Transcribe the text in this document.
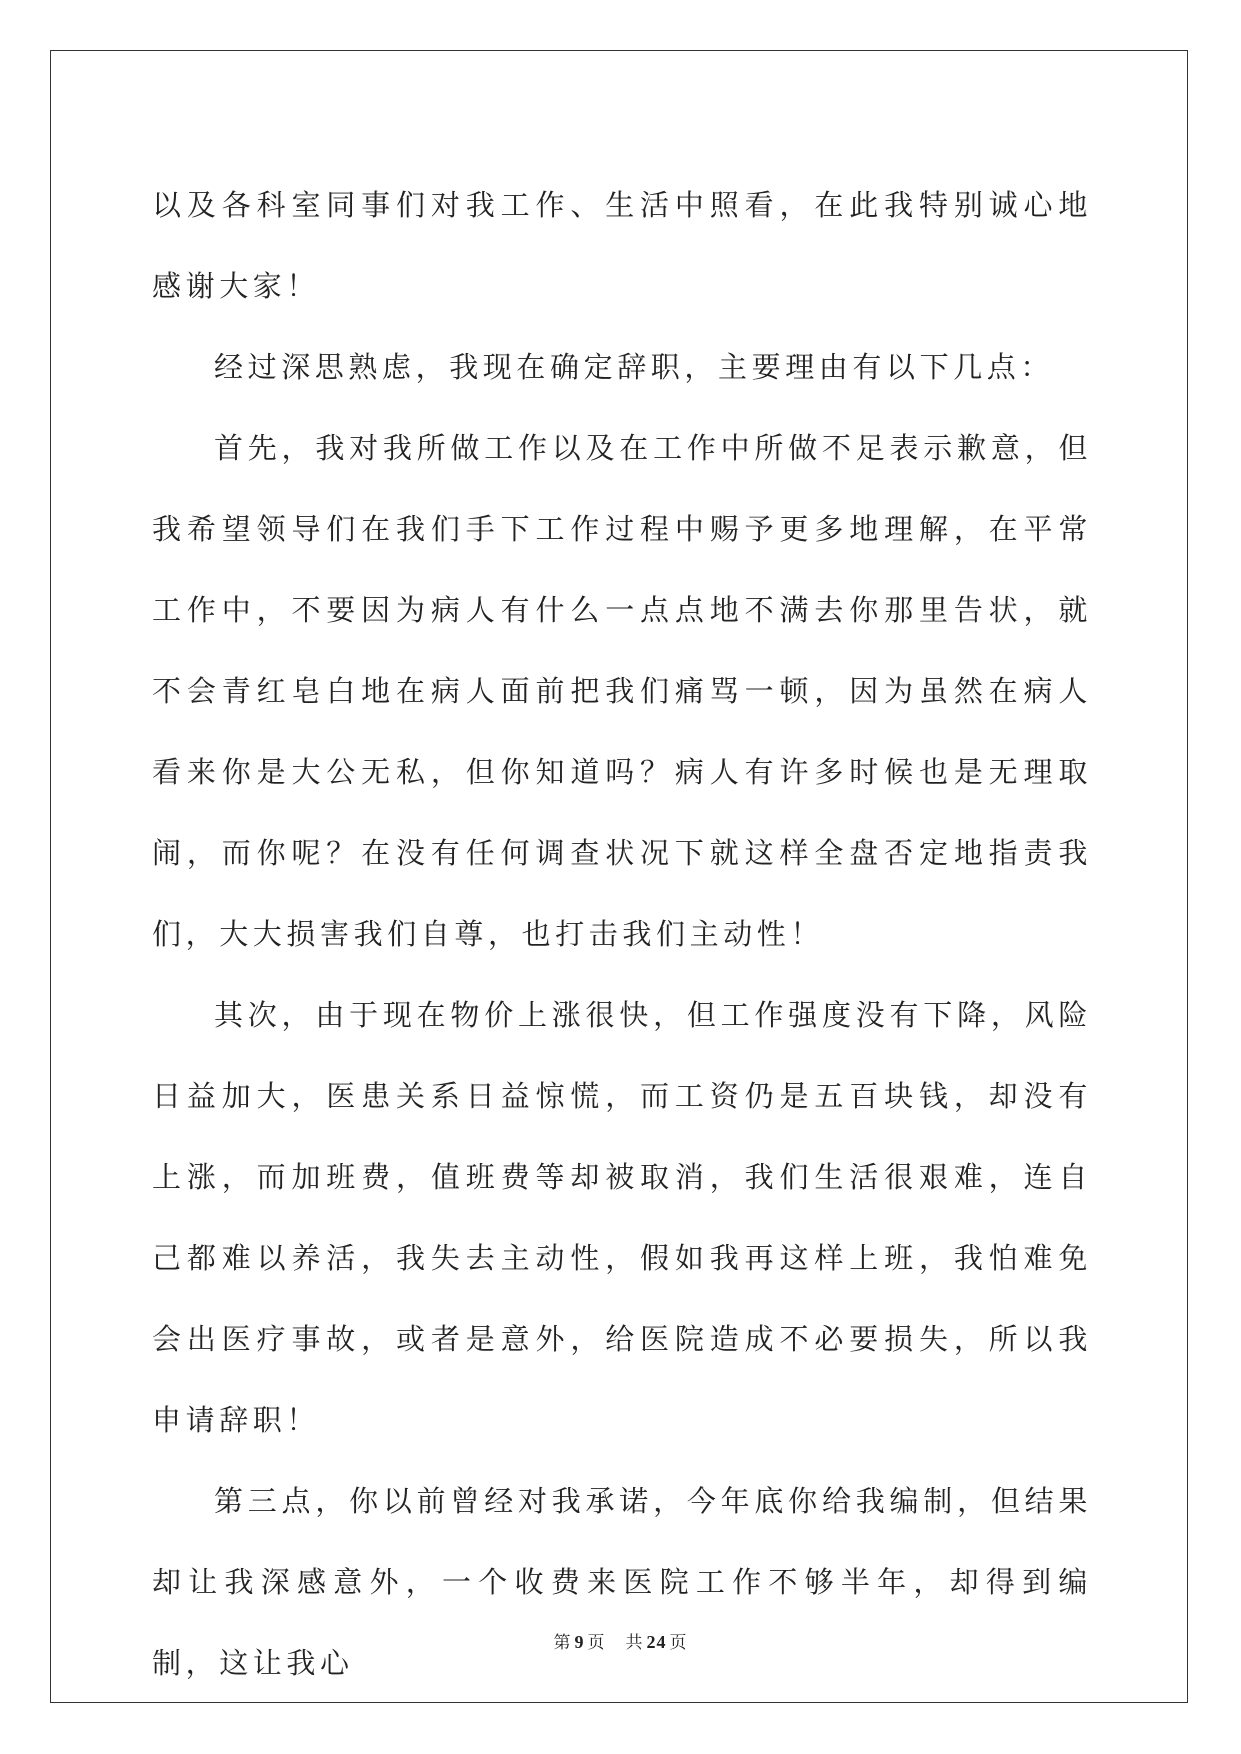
以及各科室同事们对我工作、生活中照看，在此我特别诚心地感谢大家！

经过深思熟虑，我现在确定辞职，主要理由有以下几点：

首先，我对我所做工作以及在工作中所做不足表示歉意，但我希望领导们在我们手下工作过程中赐予更多地理解，在平常工作中，不要因为病人有什么一点点地不满去你那里告状，就不会青红皂白地在病人面前把我们痛骂一顿，因为虽然在病人看来你是大公无私，但你知道吗？病人有许多时候也是无理取闹，而你呢？在没有任何调查状况下就这样全盘否定地指责我们，大大损害我们自尊，也打击我们主动性！

其次，由于现在物价上涨很快，但工作强度没有下降，风险日益加大，医患关系日益惊慌，而工资仍是五百块钱，却没有上涨，而加班费，值班费等却被取消，我们生活很艰难，连自己都难以养活，我失去主动性，假如我再这样上班，我怕难免会出医疗事故，或者是意外，给医院造成不必要损失，所以我申请辞职！

第三点，你以前曾经对我承诺，今年底你给我编制，但结果却让我深感意外，一个收费来医院工作不够半年，却得到编制，这让我心

第 9 页 共 24 页
